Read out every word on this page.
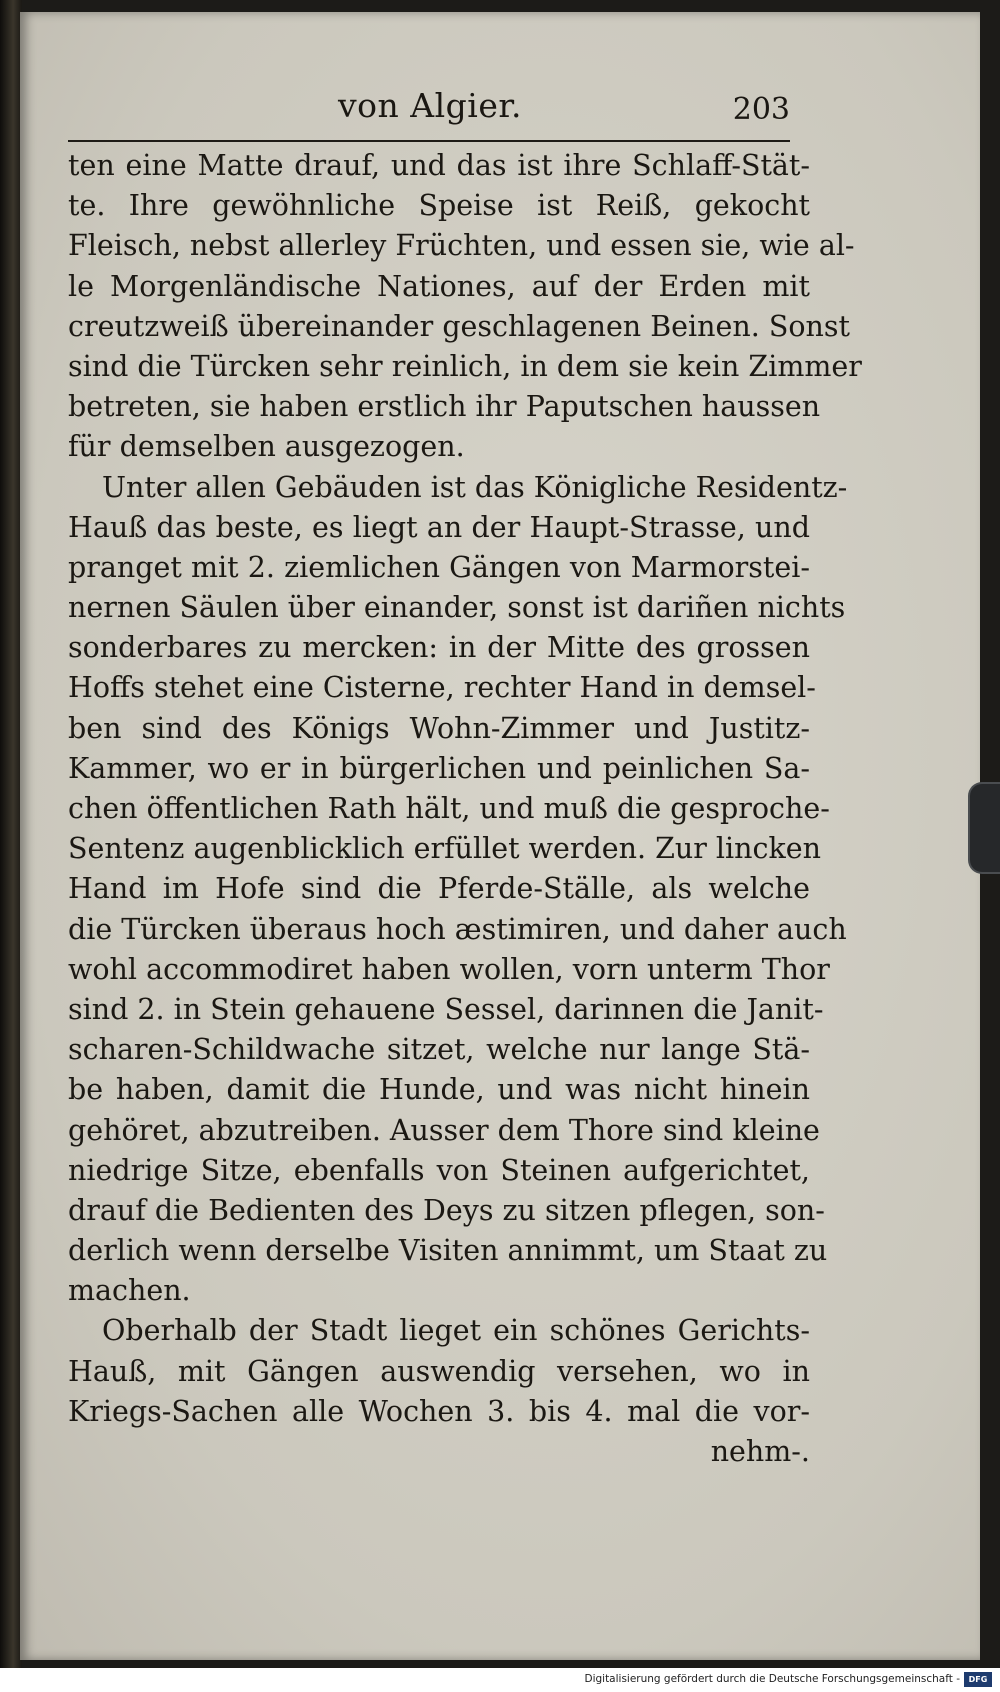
von Algier.	203
ten eine Matte drauf, und das ist ihre Schlaff-Stät-
te. Ihre gewöhnliche Speise ist Reiß, gekocht
Fleisch, nebst allerley Früchten, und essen sie, wie al-
le Morgenländische Nationes, auf der Erden mit
creutzweiß übereinander geschlagenen Beinen. Sonst
sind die Türcken sehr reinlich, in dem sie kein Zimmer
betreten, sie haben erstlich ihr Paputschen haussen
für demselben ausgezogen.
Unter allen Gebäuden ist das Königliche Residentz-
Hauß das beste, es liegt an der Haupt-Strasse, und
pranget mit 2. ziemlichen Gängen von Marmorstei-
nernen Säulen über einander, sonst ist dariñen nichts
sonderbares zu mercken: in der Mitte des grossen
Hoffs stehet eine Cisterne, rechter Hand in demsel-
ben sind des Königs Wohn-Zimmer und Justitz-
Kammer, wo er in bürgerlichen und peinlichen Sa-
chen öffentlichen Rath hält, und muß die gesproche-
Sentenz augenblicklich erfüllet werden. Zur lincken
Hand im Hofe sind die Pferde-Ställe, als welche
die Türcken überaus hoch æstimiren, und daher auch
wohl accommodiret haben wollen, vorn unterm Thor
sind 2. in Stein gehauene Sessel, darinnen die Janit-
scharen-Schildwache sitzet, welche nur lange Stä-
be haben, damit die Hunde, und was nicht hinein
gehöret, abzutreiben. Ausser dem Thore sind kleine
niedrige Sitze, ebenfalls von Steinen aufgerichtet,
drauf die Bedienten des Deys zu sitzen pflegen, son-
derlich wenn derselbe Visiten annimmt, um Staat zu
machen.
Oberhalb der Stadt lieget ein schönes Gerichts-
Hauß, mit Gängen auswendig versehen, wo in
Kriegs-Sachen alle Wochen 3. bis 4. mal die vor-
nehm-.
Digitalisierung gefördert durch die Deutsche Forschungsgemeinschaft -	DFG
